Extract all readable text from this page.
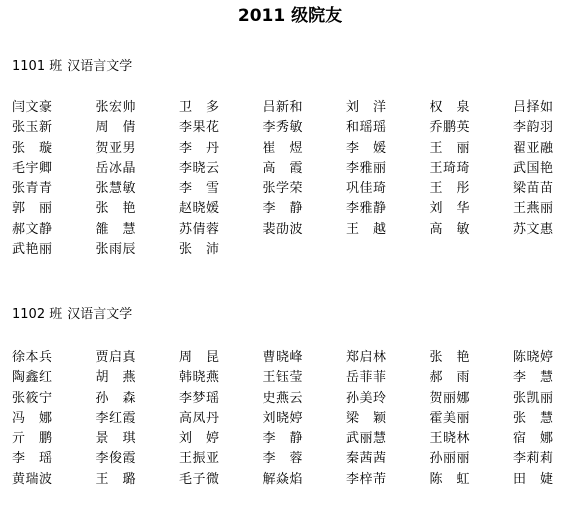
2011 级院友
1101 班 汉语言文学
闫文豪	张宏帅	卫　多	吕新和	刘　洋	权　泉	吕择如
张玉新	周　倩	李果花	李秀敏	和瑶瑶	乔鹏英	李韵羽
张　璇	贺亚男	李　丹	崔　煜	李　媛	王　丽	翟亚融
毛宇卿	岳冰晶	李晓云	高　霞	李雅丽	王琦琦	武国艳
张青青	张慧敏	李　雪	张学荣	巩佳琦	王　彤	梁苗苗
郭　丽	张　艳	赵晓媛	李　静	李雅静	刘　华	王燕丽
郝文静	雒　慧	苏倩蓉	裴劭波	王　越	高　敏	苏文惠
武艳丽	张雨辰	张　沛
1102 班 汉语言文学
徐本兵	贾启真	周　昆	曹晓峰	郑启林	张　艳	陈晓婷
陶鑫红	胡　燕	韩晓燕	王钰莹	岳菲菲	郝　雨	李　慧
张筱宁	孙　森	李梦瑶	史燕云	孙美玲	贺丽娜	张凯丽
冯　娜	李红霞	高凤丹	刘晓婷	梁　颖	霍美丽	张　慧
亓　鹏	景　琪	刘　婷	李　静	武丽慧	王晓林	宿　娜
李　瑶	李俊霞	王振亚	李　蓉	秦茜茜	孙丽丽	李莉莉
黄瑞波	王　璐	毛子微	解焱焰	李梓芾	陈　虹	田　婕
